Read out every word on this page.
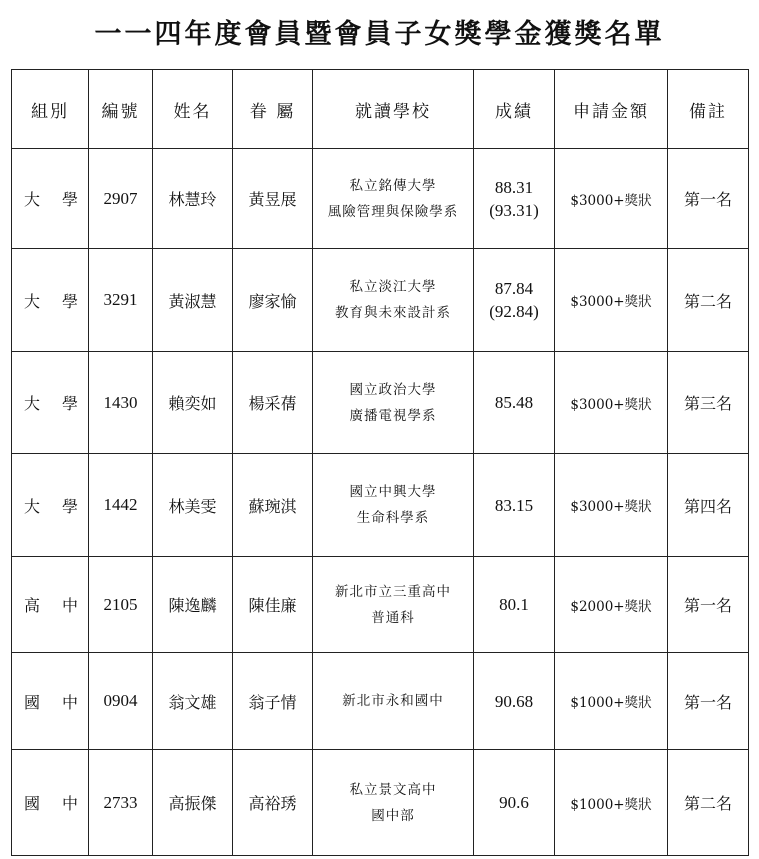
一一四年度會員暨會員子女獎學金獲獎名單
組別	編號	姓名	眷 屬	就讀學校	成績	申請金額	備註

大 學	2907	林慧玲	黃昱展	私立銘傳大學
風險管理與保險學系	88.31
(93.31)	$3000+獎狀	第一名

大 學	3291	黃淑慧	廖家愉	私立淡江大學
教育與未來設計系	87.84
(92.84)	$3000+獎狀	第二名

大 學	1430	賴奕如	楊采蒨	國立政治大學
廣播電視學系	85.48	$3000+獎狀	第三名

大 學	1442	林美雯	蘇琬淇	國立中興大學
生命科學系	83.15	$3000+獎狀	第四名

高 中	2105	陳逸麟	陳佳廉	新北市立三重高中
普通科	80.1	$2000+獎狀	第一名

國 中	0904	翁文雄	翁子情	新北市永和國中	90.68	$1000+獎狀	第一名

國 中	2733	高振傑	高裕琇	私立景文高中
國中部	90.6	$1000+獎狀	第二名
